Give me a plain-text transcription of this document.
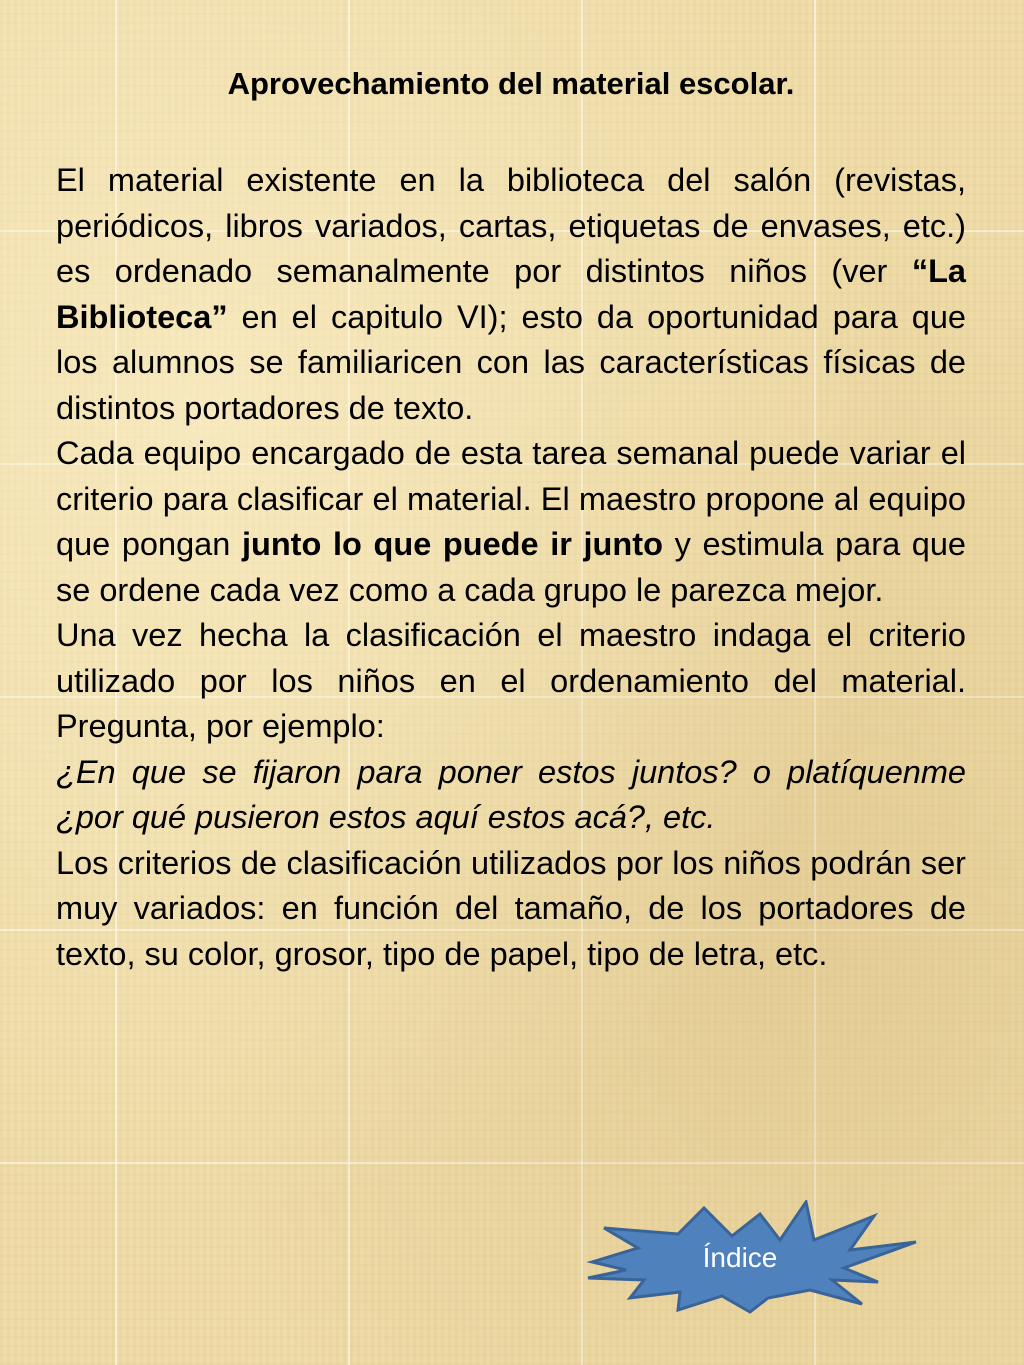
Aprovechamiento del material escolar.

El material existente en la biblioteca del salón (revistas, periódicos, libros variados, cartas, etiquetas de envases, etc.) es ordenado semanalmente por distintos niños (ver “La Biblioteca” en el capitulo VI); esto da oportunidad para que los alumnos se familiaricen con las características físicas de distintos portadores de texto.

Cada equipo encargado de esta tarea semanal puede variar el criterio para clasificar el material. El maestro propone al equipo que pongan junto lo que puede ir junto y estimula para que se ordene cada vez como a cada grupo le parezca mejor.

Una vez hecha la clasificación el maestro indaga el criterio utilizado por los niños en el ordenamiento del material. Pregunta, por ejemplo:

¿En que se fijaron para poner estos juntos? o platíquenme ¿por qué pusieron estos aquí estos acá?, etc.

Los criterios de clasificación utilizados por los niños podrán ser muy variados: en función del tamaño, de los portadores de texto, su color, grosor, tipo de papel, tipo de letra, etc.

Índice
